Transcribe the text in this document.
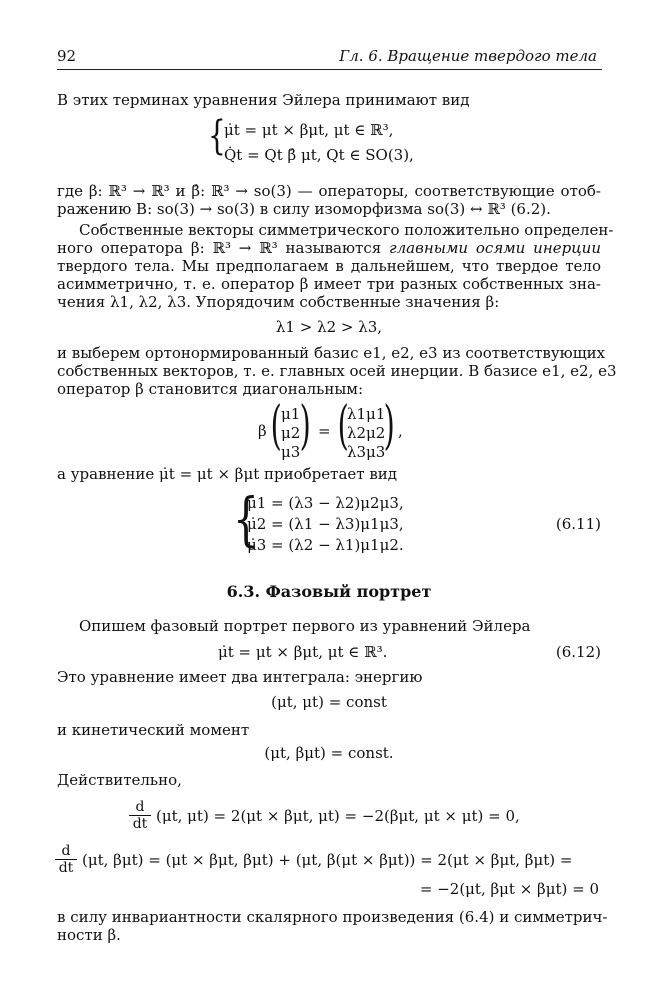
92	Гл. 6. Вращение твердого тела
В этих терминах уравнения Эйлера принимают вид
{
μ̇t = μt × βμt, μt ∈ ℝ³,
Q̇t = Qt β̂ μt, Qt ∈ SO(3),
где β: ℝ³ → ℝ³ и β̂: ℝ³ → so(3) — операторы, соответствующие отоб-
ражению B: so(3) → so(3) в силу изоморфизма so(3) ↔ ℝ³ (6.2).
Собственные векторы симметрического положительно определен-
ного оператора β: ℝ³ → ℝ³ называются главными осями инерции
твердого тела. Мы предполагаем в дальнейшем, что твердое тело
асимметрично, т. е. оператор β имеет три разных собственных зна-
чения λ1, λ2, λ3. Упорядочим собственные значения β:
λ1 > λ2 > λ3,
и выберем ортонормированный базис e1, e2, e3 из соответствующих
собственных векторов, т. е. главных осей инерции. В базисе e1, e2, e3
оператор β становится диагональным:
β ( μ1
μ2
μ3 ) = (
λ1μ1
λ2μ2
λ3μ3
) ,
а уравнение μ̇t = μt × βμt приобретает вид
{
μ̇1 = (λ3 − λ2)μ2μ3,
μ̇2 = (λ1 − λ3)μ1μ3,
μ̇3 = (λ2 − λ1)μ1μ2.
(6.11)
6.3. Фазовый портрет
Опишем фазовый портрет первого из уравнений Эйлера
μ̇t = μt × βμt, μt ∈ ℝ³.	(6.12)
Это уравнение имеет два интеграла: энергию
(μt, μt) = const
и кинетический момент
(μt, βμt) = const.
Действительно,
$\frac{d}{dt} (\mu t$, μt) = 2(μt × βμt, μt) = −2(βμt, μt × μt) = 0,
$\frac{d}{dt} (\mu t$, βμt) = (μt × βμt, βμt) + (μt, β(μt × βμt)) = 2(μt × βμt, βμt) =
= −2(μt, βμt × βμt) = 0
в силу инвариантности скалярного произведения (6.4) и симметрич-
ности β.
